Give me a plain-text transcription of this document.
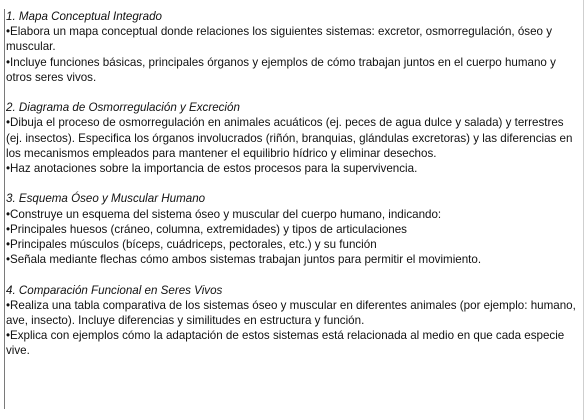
1. Mapa Conceptual Integrado

•Elabora un mapa conceptual donde relaciones los siguientes sistemas: excretor, osmorregulación, óseo y muscular.

•Incluye funciones básicas, principales órganos y ejemplos de cómo trabajan juntos en el cuerpo humano y otros seres vivos.

2. Diagrama de Osmorregulación y Excreción

•Dibuja el proceso de osmorregulación en animales acuáticos (ej. peces de agua dulce y salada) y terrestres (ej. insectos). Especifica los órganos involucrados (riñón, branquias, glándulas excretoras) y las diferencias en los mecanismos empleados para mantener el equilibrio hídrico y eliminar desechos.

•Haz anotaciones sobre la importancia de estos procesos para la supervivencia.

3. Esquema Óseo y Muscular Humano

•Construye un esquema del sistema óseo y muscular del cuerpo humano, indicando:

•Principales huesos (cráneo, columna, extremidades) y tipos de articulaciones

•Principales músculos (bíceps, cuádriceps, pectorales, etc.) y su función

•Señala mediante flechas cómo ambos sistemas trabajan juntos para permitir el movimiento.

4. Comparación Funcional en Seres Vivos

•Realiza una tabla comparativa de los sistemas óseo y muscular en diferentes animales (por ejemplo: humano, ave, insecto). Incluye diferencias y similitudes en estructura y función.

•Explica con ejemplos cómo la adaptación de estos sistemas está relacionada al medio en que cada especie vive.
